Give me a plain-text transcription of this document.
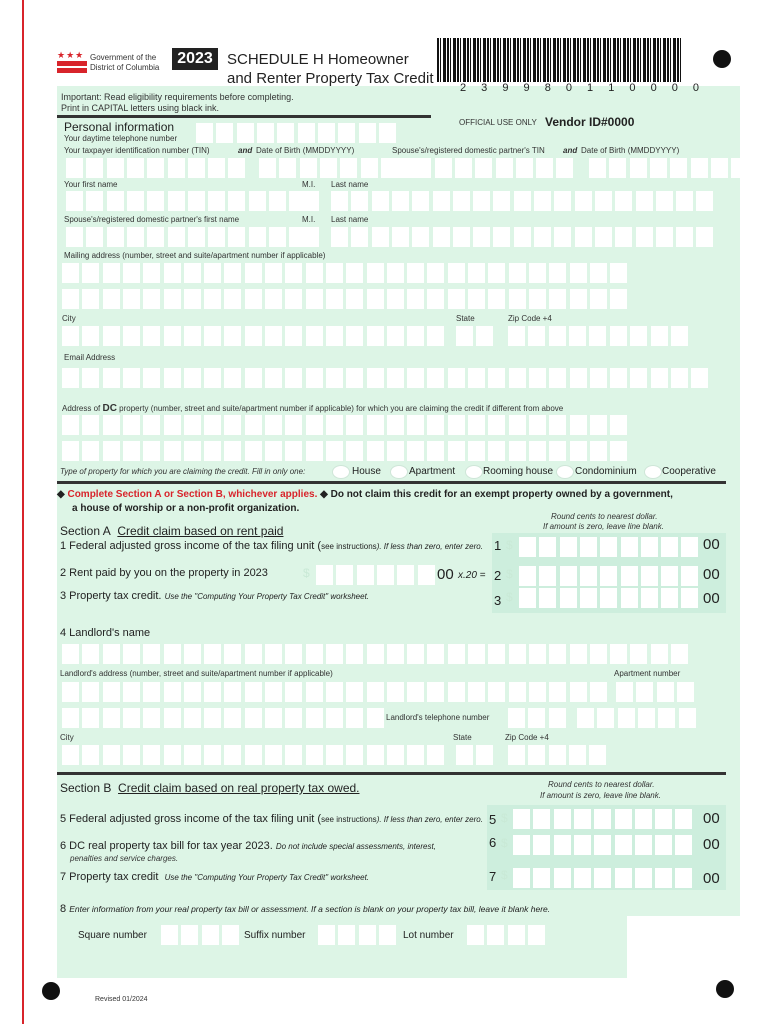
★★★ Government of the
District of Columbia
2023 SCHEDULE H Homeowner
and Renter Property Tax Credit
2 3 9 9 8 0 1 1 0 0 0 0
Important: Read eligibility requirements before completing.
Print in CAPITAL letters using black ink.
OFFICIAL USE ONLY Vendor ID#0000
Personal information
Your daytime telephone number
Your taxpayer identification number (TIN)	and Date of Birth (MMDDYYYY)	Spouse's/registered domestic partner's TIN and Date of Birth (MMDDYYYY)
Your first name	M.I. Last name
Spouse's/registered domestic partner's first name	M.I. Last name
Mailing address (number, street and suite/apartment number if applicable)
City	State	Zip Code +4
Email Address
Address of DC property (number, street and suite/apartment number if applicable) for which you are claiming the credit if different from above
Type of property for which you are claiming the credit. Fill in only one:	House	Apartment	Rooming house Condominium	Cooperative
◆ Complete Section A or Section B, whichever applies. ◆ Do not claim this credit for an exempt property owned by a government,
a house of worship or a non-profit organization.
Round cents to nearest dollar.
If amount is zero, leave line blank.
Section A Credit claim based on rent paid
1 Federal adjusted gross income of the tax filing unit (see instructions). If less than zero, enter zero. 1 $	00
2 Rent paid by you on the property in 2023	$	00 x.20 = 2 $	00
3 Property tax credit. Use the "Computing Your Property Tax Credit" worksheet.	3 $	00
4 Landlord's name
Landlord's address (number, street and suite/apartment number if applicable)	Apartment number
Landlord's telephone number
City	State	Zip Code +4
Section B Credit claim based on real property tax owed.	Round cents to nearest dollar.
If amount is zero, leave line blank.
5 Federal adjusted gross income of the tax filing unit (see instructions). If less than zero, enter zero. 5 $	00
6 DC real property tax bill for tax year 2023. Do not include special assessments, interest,
penalties and service charges.
6 $	00
7 Property tax credit Use the "Computing Your Property Tax Credit" worksheet.	7 $	00
8 Enter information from your real property tax bill or assessment. If a section is blank on your property tax bill, leave it blank here.
Square number	Suffix number	Lot number
Revised 01/2024
